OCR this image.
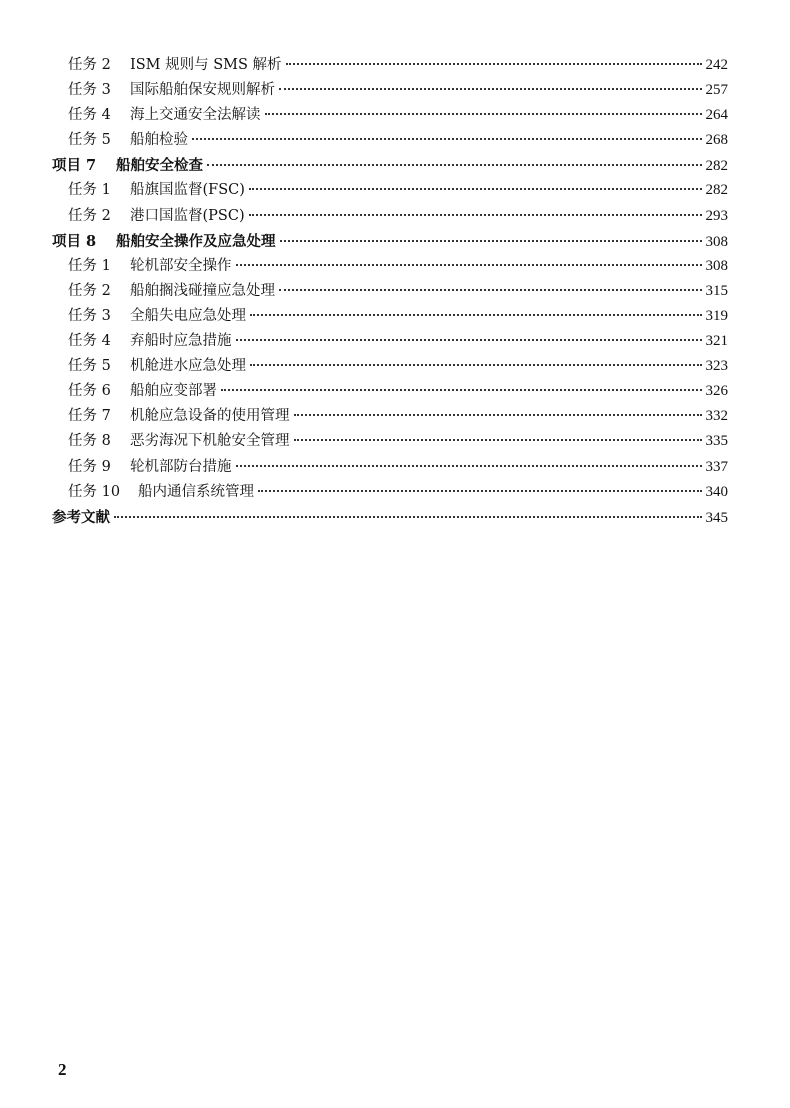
任务 2	ISM 规则与 SMS 解析	242
任务 3	国际船舶保安规则解析	257
任务 4	海上交通安全法解读	264
任务 5	船舶检验	268
项目 7	船舶安全检查	282
任务 1	船旗国监督(FSC)	282
任务 2	港口国监督(PSC)	293
项目 8	船舶安全操作及应急处理	308
任务 1	轮机部安全操作	308
任务 2	船舶搁浅碰撞应急处理	315
任务 3	全船失电应急处理	319
任务 4	弃船时应急措施	321
任务 5	机舱进水应急处理	323
任务 6	船舶应变部署	326
任务 7	机舱应急设备的使用管理	332
任务 8	恶劣海况下机舱安全管理	335
任务 9	轮机部防台措施	337
任务 10	船内通信系统管理	340
参考文献	345
2
